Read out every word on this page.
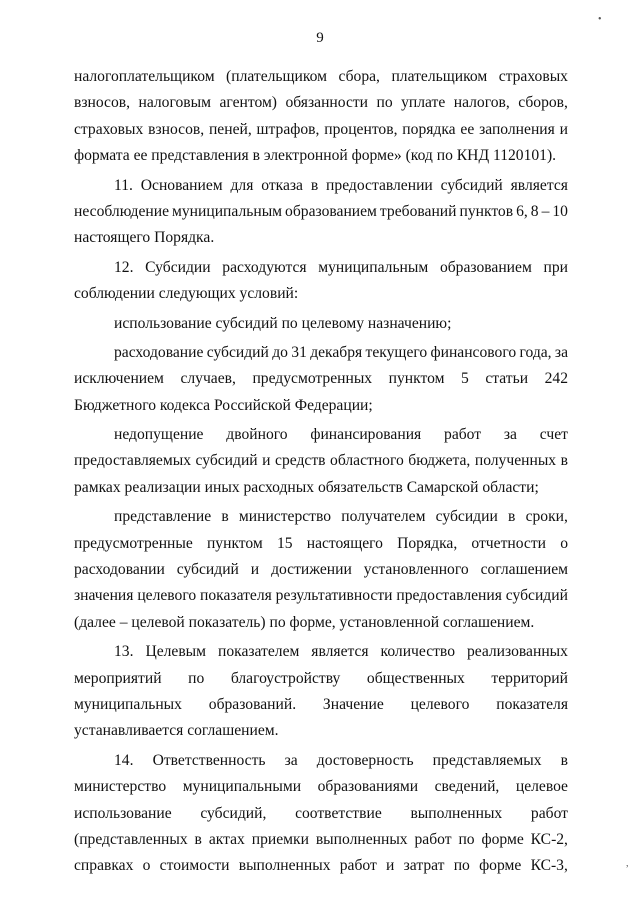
9
налогоплательщиком (плательщиком сбора, плательщиком страховых
взносов, налоговым агентом) обязанности по уплате налогов, сборов,
страховых взносов, пеней, штрафов, процентов, порядка ее заполнения и
формата ее представления в электронной форме» (код по КНД 1120101).
11. Основанием для отказа в предоставлении субсидий является
несоблюдение муниципальным образованием требований пунктов 6, 8 – 10
настоящего Порядка.
12. Субсидии расходуются муниципальным образованием при
соблюдении следующих условий:
использование субсидий по целевому назначению;
расходование субсидий до 31 декабря текущего финансового года, за
исключением случаев, предусмотренных пунктом 5 статьи 242
Бюджетного кодекса Российской Федерации;
недопущение двойного финансирования работ за счет
предоставляемых субсидий и средств областного бюджета, полученных в
рамках реализации иных расходных обязательств Самарской области;
представление в министерство получателем субсидии в сроки,
предусмотренные пунктом 15 настоящего Порядка, отчетности о
расходовании субсидий и достижении установленного соглашением
значения целевого показателя результативности предоставления субсидий
(далее – целевой показатель) по форме, установленной соглашением.
13. Целевым показателем является количество реализованных
мероприятий по благоустройству общественных территорий
муниципальных образований. Значение целевого показателя
устанавливается соглашением.
14. Ответственность за достоверность представляемых в
министерство муниципальными образованиями сведений, целевое
использование субсидий, соответствие выполненных работ
(представленных в актах приемки выполненных работ по форме КС-2,
справках о стоимости выполненных работ и затрат по форме КС-3,
•
,
